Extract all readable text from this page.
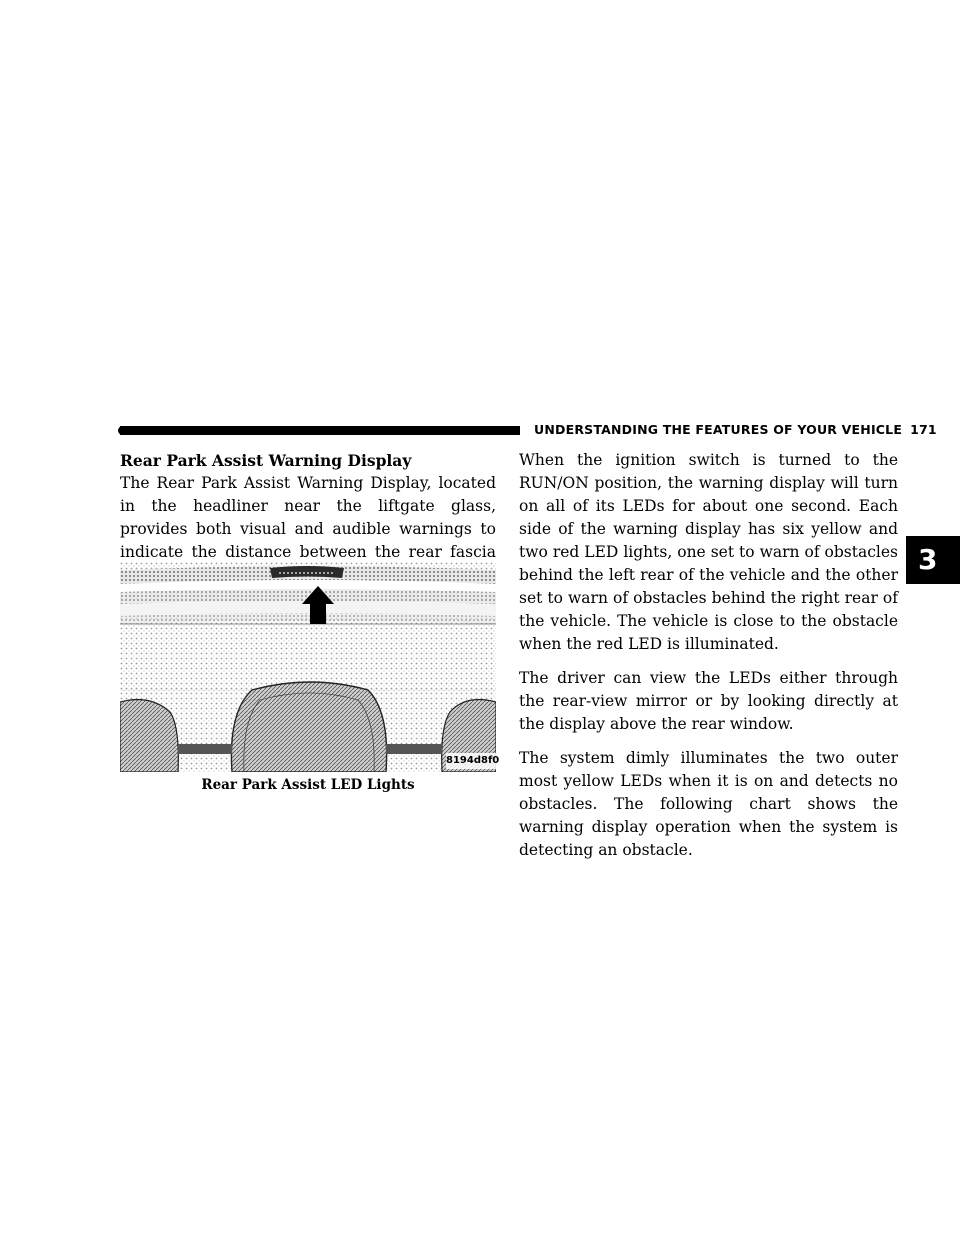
UNDERSTANDING THE FEATURES OF YOUR VEHICLE 171
3

Rear Park Assist Warning Display

The Rear Park Assist Warning Display, located in the headliner near the liftgate glass, provides both visual and audible warnings to indicate the distance between the rear fascia

8194d8f0
Rear Park Assist LED Lights

When the ignition switch is turned to the RUN/ON position, the warning display will turn on all of its LEDs for about one second. Each side of the warning display has six yellow and two red LED lights, one set to warn of obstacles behind the left rear of the vehicle and the other set to warn of obstacles behind the right rear of the vehicle. The vehicle is close to the obstacle when the red LED is illuminated.

The driver can view the LEDs either through the rear-view mirror or by looking directly at the display above the rear window.

The system dimly illuminates the two outer most yellow LEDs when it is on and detects no obstacles. The following chart shows the warning display operation when the system is detecting an obstacle.
